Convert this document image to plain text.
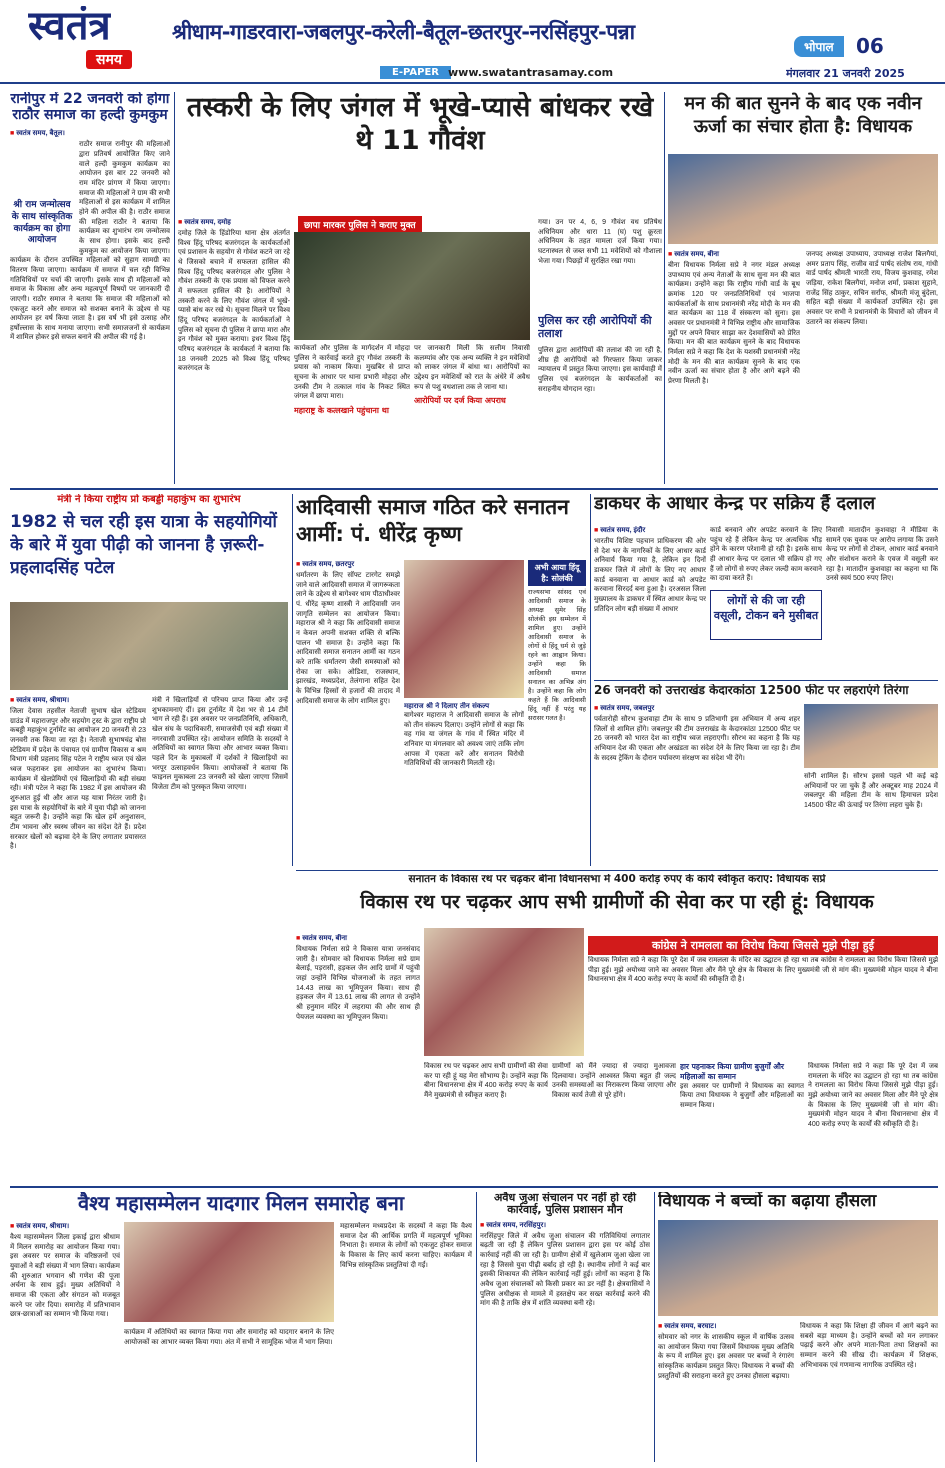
स्वतंत्र
समय
श्रीधाम-गाडरवारा-जबलपुर-करेली-बैतूल-छतरपुर-नरसिंहपुर-पन्ना
E-PAPER www.swatantrasamay.com
भोपाल	06
मंगलवार 21 जनवरी 2025
रानीपुर में 22 जनवरी को होगा राठौर समाज का हल्दी कुमकुम
■ स्वतंत्र समय, बैतूल।
श्री राम जन्मोत्सव के साथ सांस्कृतिक कार्यक्रम का होगा आयोजन
राठौर समाज रानीपुर की महिलाओं द्वारा प्रतिवर्ष आयोजित किए जाने वाले हल्दी कुमकुम कार्यक्रम का आयोजन इस बार 22 जनवरी को राम मंदिर प्रांगण में किया जाएगा। समाज की महिलाओं ने ग्राम की सभी महिलाओं से इस कार्यक्रम में शामिल होने की अपील की है। राठौर समाज की महिला राठौर ने बताया कि कार्यक्रम का शुभारंभ राम जन्मोत्सव के साथ होगा। इसके बाद हल्दी कुमकुम का आयोजन किया जाएगा। कार्यक्रम के दौरान उपस्थित महिलाओं को सुहाग सामग्री का वितरण किया जाएगा। कार्यक्रम में समाज में चल रही विभिन्न गतिविधियों पर चर्चा की जाएगी। इसके साथ ही महिलाओं को समाज के विकास और अन्य महत्वपूर्ण विषयों पर जानकारी दी जाएगी। राठौर समाज ने बताया कि समाज की महिलाओं को एकजुट करने और समाज को सशक्त बनाने के उद्देश्य से यह आयोजन हर वर्ष किया जाता है। इस वर्ष भी इसे उत्साह और हर्षोल्लास के साथ मनाया जाएगा। सभी समाजजनों से कार्यक्रम में शामिल होकर इसे सफल बनाने की अपील की गई है।
तस्करी के लिए जंगल में भूखे-प्यासे बांधकर रखे थे 11 गौवंश
छापा मारकर पुलिस ने कराए मुक्त
■ स्वतंत्र समय, दमोह
दमोह जिले के हिंडोरिया थाना क्षेत्र अंतर्गत विश्व हिंदू परिषद बजरंगदल के कार्यकर्ताओं एवं प्रशासन के सहयोग से गोवंश कटने जा रहे थे जिसको बचाने में सफलता हासिल की विश्व हिंदू परिषद बजरंगदल और पुलिस ने गौवंश तस्करी के एक प्रयास को विफल करने में सफलता हासिल की है। आरोपियों ने तस्करी करने के लिए गौवंश जंगल में भूखे-प्यासे बांध कर रखे थे। सूचना मिलने पर विश्व हिंदू परिषद बजरंगदल के कार्यकर्ताओं ने पुलिस को सूचना दी पुलिस ने छापा मारा और इन गौवंश को मुक्त कराया। इधर विश्व हिंदू परिषद बजरंगदल के कार्यकर्ता ने बताया कि 18 जनवरी 2025 को विश्व हिंदू परिषद बजरंगदल के
कार्यकर्ता और पुलिस के मार्गदर्शन में मोहदा पुलिस ने कार्रवाई करते हुए गौवंश तस्करी के प्रयास को नाकाम किया। मुखबिर से प्राप्त सूचना के आधार पर थाना प्रभारी मोहदा और उनकी टीम ने तत्काल गांव के निकट स्थित जंगल में छापा मारा।
महाराष्ट्र के कत्लखाने पहुंचाना था
पर जानकारी मिली कि सलीम निवासी कलम्पांव और एक अन्य व्यक्ति ने इन मवेशियों को लाकर जंगल में बांधा था। आरोपियों का उद्देश्य इन मवेशियों को रात के अंधेरे में अवैध रूप से पशु वधशाला तक ले जाना था।
आरोपियों पर दर्ज किया अपराध
गया। उन पर 4, 6, 9 गौवंश वध प्रतिषेध अधिनियम और धारा 11 (घ) पशु क्रूरता अधिनियम के तहत मामला दर्ज किया गया। घटनास्थल से जब्त सभी 11 मवेशियों को गौशाला भेजा गया। पिछड़ों में सुरक्षित रखा गया।
पुलिस कर रही आरोपियों की तलाश
पुलिस द्वारा आरोपियों की तलाश की जा रही है, शीघ्र ही आरोपियों को गिरफ्तार किया जाकर न्यायालय में प्रस्तुत किया जाएगा। इस कार्यवाही में पुलिस एवं बजरंगदल के कार्यकर्ताओं का सराहनीय योगदान रहा।
मन की बात सुनने के बाद एक नवीन ऊर्जा का संचार होता है: विधायक
■ स्वतंत्र समय, बीना
बीना विधायक निर्मला सप्रे ने नगर मंडल अध्यक्ष उपाध्याय एवं अन्य नेताओं के साथ सुना मन की बात कार्यक्रम। उन्होंने कहा कि राष्ट्रीय गांधी वार्ड के बूथ क्रमांक 120 पर जनप्रतिनिधियों एवं भाजपा कार्यकर्ताओं के साथ प्रधानमंत्री नरेंद्र मोदी के मन की बात कार्यक्रम का 118 वें संस्करण को सुना। इस अवसर पर प्रधानमंत्री ने विभिन्न राष्ट्रीय और सामाजिक मुद्दों पर अपने विचार साझा कर देशवासियों को प्रेरित किया। मन की बात कार्यक्रम सुनने के बाद विधायक निर्मला सप्रे ने कहा कि देश के यशस्वी प्रधानमंत्री नरेंद्र मोदी के मन की बात कार्यक्रम सुनने के बाद एक नवीन ऊर्जा का संचार होता है और आगे बढ़ने की प्रेरणा मिलती है।
जनपद अध्यक्ष उपाध्याय, उपाध्यक्ष राजेश बिलगैयां, अमर प्रताप सिंह, राजीव वार्ड पार्षद संतोष राय, गांधी वार्ड पार्षद श्रीमती भारती राय, विजय कुशवाह, रमेश जड़िया, राकेश बिलगैयां, मनोज शर्मा, प्रकाश सुहाने, राजेंद्र सिंह ठाकुर, सचिन सर्राफ, श्रीमती मंजू बुंदेला, सहित बड़ी संख्या में कार्यकर्ता उपस्थित रहे। इस अवसर पर सभी ने प्रधानमंत्री के विचारों को जीवन में उतारने का संकल्प लिया।
मंत्री ने किया राष्ट्रीय प्रो कबड्डी महाकुंभ का शुभारंभ
1982 से चल रही इस यात्रा के सहयोगियों के बारे में युवा पीढ़ी को जानना है ज़रूरी-प्रहलादसिंह पटेल
■ स्वतंत्र समय, श्रीधाम।
जिला देवास तहसील नेताजी सुभाष खेल स्टेडियम ग्राउंड में महाराजपुर और सहयोग ट्रस्ट के द्वारा राष्ट्रीय प्रो कबड्डी महाकुंभ टूर्नामेंट का आयोजन 20 जनवरी से 23 जनवरी तक किया जा रहा है। नेताजी सुभाषचंद्र बोस स्टेडियम में प्रदेश के पंचायत एवं ग्रामीण विकास व श्रम विभाग मंत्री प्रहलाद सिंह पटेल ने राष्ट्रीय ध्वज एवं खेल ध्वज फहराकर इस आयोजन का शुभारंभ किया। कार्यक्रम में खेलप्रेमियों एवं खिलाड़ियों की बड़ी संख्या रही। मंत्री पटेल ने कहा कि 1982 में इस आयोजन की शुरुआत हुई थी और आज यह यात्रा निरंतर जारी है। इस यात्रा के सहयोगियों के बारे में युवा पीढ़ी को जानना बहुत जरूरी है। उन्होंने कहा कि खेल हमें अनुशासन, टीम भावना और स्वस्थ जीवन का संदेश देते हैं। प्रदेश सरकार खेलों को बढ़ावा देने के लिए लगातार प्रयासरत है।
मंत्री ने खिलाड़ियों से परिचय प्राप्त किया और उन्हें शुभकामनाएं दीं। इस टूर्नामेंट में देश भर से 14 टीमें भाग ले रही हैं। इस अवसर पर जनप्रतिनिधि, अधिकारी, खेल संघ के पदाधिकारी, समाजसेवी एवं बड़ी संख्या में नगरवासी उपस्थित रहे। आयोजन समिति के सदस्यों ने अतिथियों का स्वागत किया और आभार व्यक्त किया। पहले दिन के मुकाबलों में दर्शकों ने खिलाड़ियों का भरपूर उत्साहवर्धन किया। आयोजकों ने बताया कि फाइनल मुकाबला 23 जनवरी को खेला जाएगा जिसमें विजेता टीम को पुरस्कृत किया जाएगा।
आदिवासी समाज गठित करे सनातन आर्मी: पं. धीरेंद्र कृष्ण
■ स्वतंत्र समय, छतरपुर
धर्मांतरण के लिए सॉफ्ट टारगेट समझे जाने वाले आदिवासी समाज में जागरूकता लाने के उद्देश्य से बागेश्वर धाम पीठाधीश्वर पं. धीरेंद्र कृष्ण शास्त्री ने आदिवासी जन जागृति सम्मेलन का आयोजन किया। महाराज श्री ने कहा कि आदिवासी समाज न केवल अपनी सशक्त शक्ति से बल्कि पालन भी समाज है। उन्होंने कहा कि आदिवासी समाज सनातन आर्मी का गठन करे ताकि धर्मांतरण जैसी समस्याओं को रोका जा सके। ओडिशा, राजस्थान, झारखंड, मध्यप्रदेश, तेलंगाना सहित देश के विभिन्न हिस्सों से हजारों की तादाद में आदिवासी समाज के लोग शामिल हुए।
महाराज श्री ने दिलाए तीन संकल्प
बागेश्वर महाराज ने आदिवासी समाज के लोगों को तीन संकल्प दिलाए। उन्होंने लोगों से कहा कि वह गांव या जंगल के गांव में स्थित मंदिर में शनिवार या मंगलवार को अवश्य जाएं ताकि लोग आपस में एकता करें और सनातन विरोधी गतिविधियों की जानकारी मिलती रहे।
अभी आया हिंदू है: सोलंकी
राज्यसभा सांसद एवं आदिवासी समाज के अध्यक्ष सुमेर सिंह सोलंकी इस सम्मेलन में शामिल हुए। उन्होंने आदिवासी समाज के लोगों से हिंदू धर्म से जुड़े रहने का आह्वान किया। उन्होंने कहा कि आदिवासी समाज सनातन का अभिन्न अंग है। उन्होंने कहा कि लोग कहते हैं कि आदिवासी हिंदू नहीं हैं परंतु यह सरासर गलत है।
डाकघर के आधार केन्द्र पर सक्रिय हैं दलाल
■ स्वतंत्र समय, इंदौर
भारतीय विशिष्ट पहचान प्राधिकरण की ओर से देश भर के नागरिकों के लिए आधार कार्ड अनिवार्य किया गया है, लेकिन इन दिनों डाकघर जिले में लोगों के लिए नए आधार कार्ड बनवाना या आधार कार्ड को अपडेट करवाना सिरदर्द बना हुआ है। दरअसल जिला मुख्यालय के डाकघर में स्थित आधार केन्द्र पर प्रतिदिन लोग बड़ी संख्या में आधार
कार्ड बनवाने और अपडेट करवाने के लिए पहुंच रहे हैं लेकिन केन्द्र पर अत्यधिक भीड़ होने के कारण परेशानी हो रही है। इसके साथ ही आधार केन्द्र पर दलाल भी सक्रिय हो गए हैं जो लोगों से रुपए लेकर जल्दी काम करवाने का दावा करते हैं।
लोगों से की जा रही वसूली, टोकन बने मुसीबत
निवासी मातादीन कुशवाहा ने मीडिया के सामने एक युवक पर आरोप लगाया कि उसने केन्द्र पर लोगों से टोकन, आधार कार्ड बनवाने और संशोधन कराने के एवज में वसूली कर रहा है। मातादीन कुशवाहा का कहना था कि उनसे स्वयं 500 रुपए लिए।
26 जनवरी को उत्तराखंड केदारकांठा 12500 फीट पर लहराएंगे तिरंगा
■ स्वतंत्र समय, जबलपुर
पर्वतारोही सौरभ कुशवाहा टीम के साथ 9 प्रतिभागी इस अभियान में अन्य शहर जिलों से शामिल होंगे। जबलपुर की टीम उत्तराखंड के केदारकांठा 12500 फीट पर 26 जनवरी को भारत देश का राष्ट्रीय ध्वज लहराएगी। सौरभ का कहना है कि यह अभियान देश की एकता और अखंडता का संदेश देने के लिए किया जा रहा है। टीम के सदस्य ट्रेकिंग के दौरान पर्यावरण संरक्षण का संदेश भी देंगे।
सोनी शामिल हैं। सौरभ इससे पहले भी कई बड़े अभियानों पर जा चुके हैं और अक्टूबर माह 2024 में जबलपुर की महिला टीम के साथ हिमाचल प्रदेश 14500 फीट की ऊंचाई पर तिरंगा लहरा चुके हैं।
सनातन के विकास रथ पर चढ़कर बीना विधानसभा में 400 करोड़ रुपए के कार्य स्वीकृत कराए: विधायक सप्रे
विकास रथ पर चढ़कर आप सभी ग्रामीणों की सेवा कर पा रही हूं: विधायक
कांग्रेस ने रामलला का विरोध किया जिससे मुझे पीड़ा हुई
■ स्वतंत्र समय, बीना
विधायक निर्मला सप्रे ने विकास यात्रा जनसंवाद जारी है। सोमवार को विधायक निर्मला सप्रे ग्राम बेलाई, पड़रासी, हड़कल जैन आदि ग्रामों में पहुंची जहां उन्होंने विभिन्न योजनाओं के तहत लागत 14.43 लाख का भूमिपूजन किया। साथ ही हड़कल जैन में 13.61 लाख की लागत से उन्होंने श्री हनुमान मंदिर में लहराया की और साथ ही पेयजल व्यवस्था का भूमिपूजन किया।
विकास रथ पर चढ़कर आप सभी ग्रामीणों की सेवा कर पा रही हूं यह मेरा सौभाग्य है। उन्होंने कहा कि बीना विधानसभा क्षेत्र में 400 करोड़ रुपए के कार्य मैंने मुख्यमंत्री से स्वीकृत कराए हैं।
ग्रामीणों को मैंने ज्यादा से ज्यादा मुआवजा दिलवाया। उन्होंने आश्वस्त किया बहुत ही जल्द उनकी समस्याओं का निराकरण किया जाएगा और विकास कार्य तेजी से पूरे होंगे।
विधायक निर्मला सप्रे ने कहा कि पूरे देश में जब रामलला के मंदिर का उद्घाटन हो रहा था तब कांग्रेस ने रामलला का विरोध किया जिससे मुझे पीड़ा हुई। मुझे अयोध्या जाने का अवसर मिला और मैंने पूरे क्षेत्र के विकास के लिए मुख्यमंत्री जी से मांग की। मुख्यमंत्री मोहन यादव ने बीना विधानसभा क्षेत्र में 400 करोड़ रुपए के कार्यों की स्वीकृति दी है।
हार पहनाकर किया ग्रामीण बुजुर्गों और महिलाओं का सम्मान
इस अवसर पर ग्रामीणों ने विधायक का स्वागत किया तथा विधायक ने बुजुर्गों और महिलाओं का सम्मान किया।
विधायक निर्मला सप्रे ने कहा कि पूरे देश में जब रामलला के मंदिर का उद्घाटन हो रहा था तब कांग्रेस ने रामलला का विरोध किया जिससे मुझे पीड़ा हुई। मुझे अयोध्या जाने का अवसर मिला और मैंने पूरे क्षेत्र के विकास के लिए मुख्यमंत्री जी से मांग की। मुख्यमंत्री मोहन यादव ने बीना विधानसभा क्षेत्र में 400 करोड़ रुपए के कार्यों की स्वीकृति दी है।
वैश्य महासम्मेलन यादगार मिलन समारोह बना
■ स्वतंत्र समय, श्रीधाम।
वैश्य महासम्मेलन जिला इकाई द्वारा श्रीधाम में मिलन समारोह का आयोजन किया गया। इस अवसर पर समाज के वरिष्ठजनों एवं युवाओं ने बड़ी संख्या में भाग लिया। कार्यक्रम की शुरुआत भगवान श्री गणेश की पूजा अर्चना के साथ हुई। मुख्य अतिथियों ने समाज की एकता और संगठन को मजबूत करने पर जोर दिया। समारोह में प्रतिभावान छात्र-छात्राओं का सम्मान भी किया गया।
कार्यक्रम में अतिथियों का स्वागत किया गया और समारोह को यादगार बनाने के लिए आयोजकों का आभार व्यक्त किया गया। अंत में सभी ने सामूहिक भोज में भाग लिया।
महासम्मेलन मध्यप्रदेश के सदस्यों ने कहा कि वैश्य समाज देश की आर्थिक प्रगति में महत्वपूर्ण भूमिका निभाता है। समाज के लोगों को एकजुट होकर समाज के विकास के लिए कार्य करना चाहिए। कार्यक्रम में विभिन्न सांस्कृतिक प्रस्तुतियां दी गईं।
अवैध जुआ संचालन पर नहीं हो रही कार्रवाई, पुलिस प्रशासन मौन
■ स्वतंत्र समय, नरसिंहपुर।
नरसिंहपुर जिले में अवैध जुआ संचालन की गतिविधियां लगातार बढ़ती जा रही हैं लेकिन पुलिस प्रशासन द्वारा इस पर कोई ठोस कार्रवाई नहीं की जा रही है। ग्रामीण क्षेत्रों में खुलेआम जुआ खेला जा रहा है जिससे युवा पीढ़ी बर्बाद हो रही है। स्थानीय लोगों ने कई बार इसकी शिकायत की लेकिन कार्रवाई नहीं हुई। लोगों का कहना है कि अवैध जुआ संचालकों को किसी प्रकार का डर नहीं है। क्षेत्रवासियों ने पुलिस अधीक्षक से मामले में हस्तक्षेप कर सख्त कार्रवाई करने की मांग की है ताकि क्षेत्र में शांति व्यवस्था बनी रहे।
विधायक ने बच्चों का बढ़ाया हौसला
■ स्वतंत्र समय, बरघाट।
सोमवार को नगर के शासकीय स्कूल में वार्षिक उत्सव का आयोजन किया गया जिसमें विधायक मुख्य अतिथि के रूप में शामिल हुए। इस अवसर पर बच्चों ने रंगारंग सांस्कृतिक कार्यक्रम प्रस्तुत किए। विधायक ने बच्चों की प्रस्तुतियों की सराहना करते हुए उनका हौसला बढ़ाया।
विधायक ने कहा कि शिक्षा ही जीवन में आगे बढ़ने का सबसे बड़ा माध्यम है। उन्होंने बच्चों को मन लगाकर पढ़ाई करने और अपने माता-पिता तथा शिक्षकों का सम्मान करने की सीख दी। कार्यक्रम में शिक्षक, अभिभावक एवं गणमान्य नागरिक उपस्थित रहे।
